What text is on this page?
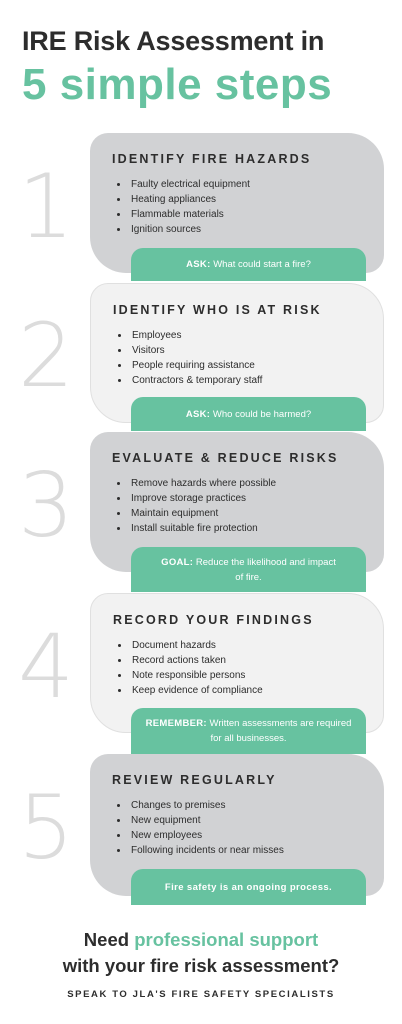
IRE Risk Assessment in
5 simple steps
1	IDENTIFY FIRE HAZARDS
• Faulty electrical equipment
• Heating appliances
• Flammable materials
• Ignition sources
ASK: What could start a fire?
2	IDENTIFY WHO IS AT RISK
• Employees
• Visitors
• People requiring assistance
• Contractors & temporary staff
ASK: Who could be harmed?
3	EVALUATE & REDUCE RISKS
• Remove hazards where possible
• Improve storage practices
• Maintain equipment
• Install suitable fire protection
GOAL: Reduce the likelihood and impact of fire.
4	RECORD YOUR FINDINGS
• Document hazards
• Record actions taken
• Note responsible persons
• Keep evidence of compliance
REMEMBER: Written assessments are required for all businesses.
5	REVIEW REGULARLY
• Changes to premises
• New equipment
• New employees
• Following incidents or near misses
Fire safety is an ongoing process.
Need professional support
with your fire risk assessment?
SPEAK TO JLA'S FIRE SAFETY SPECIALISTS
